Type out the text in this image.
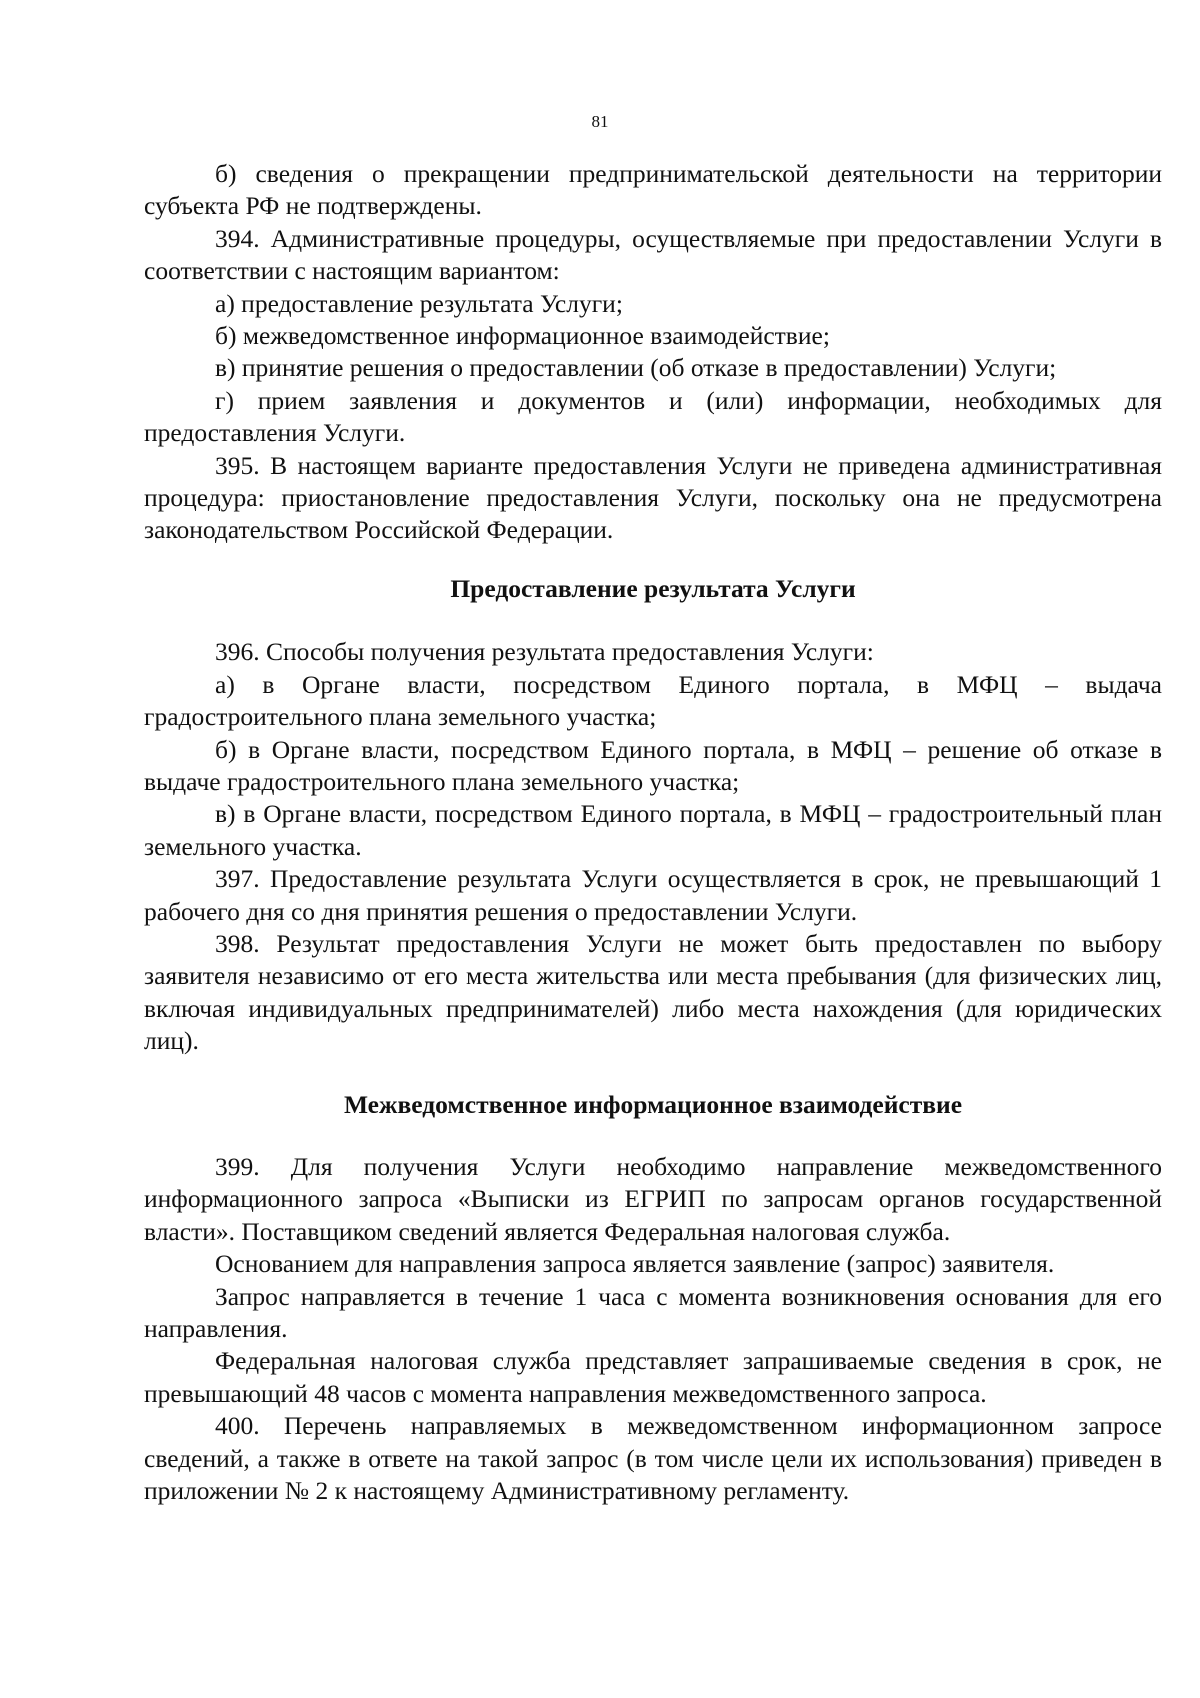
81

б) сведения о прекращении предпринимательской деятельности на территории субъекта РФ не подтверждены.

394. Административные процедуры, осуществляемые при предоставлении Услуги в соответствии с настоящим вариантом:

а) предоставление результата Услуги;

б) межведомственное информационное взаимодействие;

в) принятие решения о предоставлении (об отказе в предоставлении) Услуги;

г) прием заявления и документов и (или) информации, необходимых для предоставления Услуги.

395. В настоящем варианте предоставления Услуги не приведена административная процедура: приостановление предоставления Услуги, поскольку она не предусмотрена законодательством Российской Федерации.

Предоставление результата Услуги

396. Способы получения результата предоставления Услуги:

а) в Органе власти, посредством Единого портала, в МФЦ – выдача градостроительного плана земельного участка;

б) в Органе власти, посредством Единого портала, в МФЦ – решение об отказе в выдаче градостроительного плана земельного участка;

в) в Органе власти, посредством Единого портала, в МФЦ – градостроительный план земельного участка.

397. Предоставление результата Услуги осуществляется в срок, не превышающий 1 рабочего дня со дня принятия решения о предоставлении Услуги.

398. Результат предоставления Услуги не может быть предоставлен по выбору заявителя независимо от его места жительства или места пребывания (для физических лиц, включая индивидуальных предпринимателей) либо места нахождения (для юридических лиц).

Межведомственное информационное взаимодействие

399. Для получения Услуги необходимо направление межведомственного информационного запроса «Выписки из ЕГРИП по запросам органов государственной власти». Поставщиком сведений является Федеральная налоговая служба.

Основанием для направления запроса является заявление (запрос) заявителя.

Запрос направляется в течение 1 часа с момента возникновения основания для его направления.

Федеральная налоговая служба представляет запрашиваемые сведения в срок, не превышающий 48 часов с момента направления межведомственного запроса.

400. Перечень направляемых в межведомственном информационном запросе сведений, а также в ответе на такой запрос (в том числе цели их использования) приведен в приложении № 2 к настоящему Административному регламенту.
